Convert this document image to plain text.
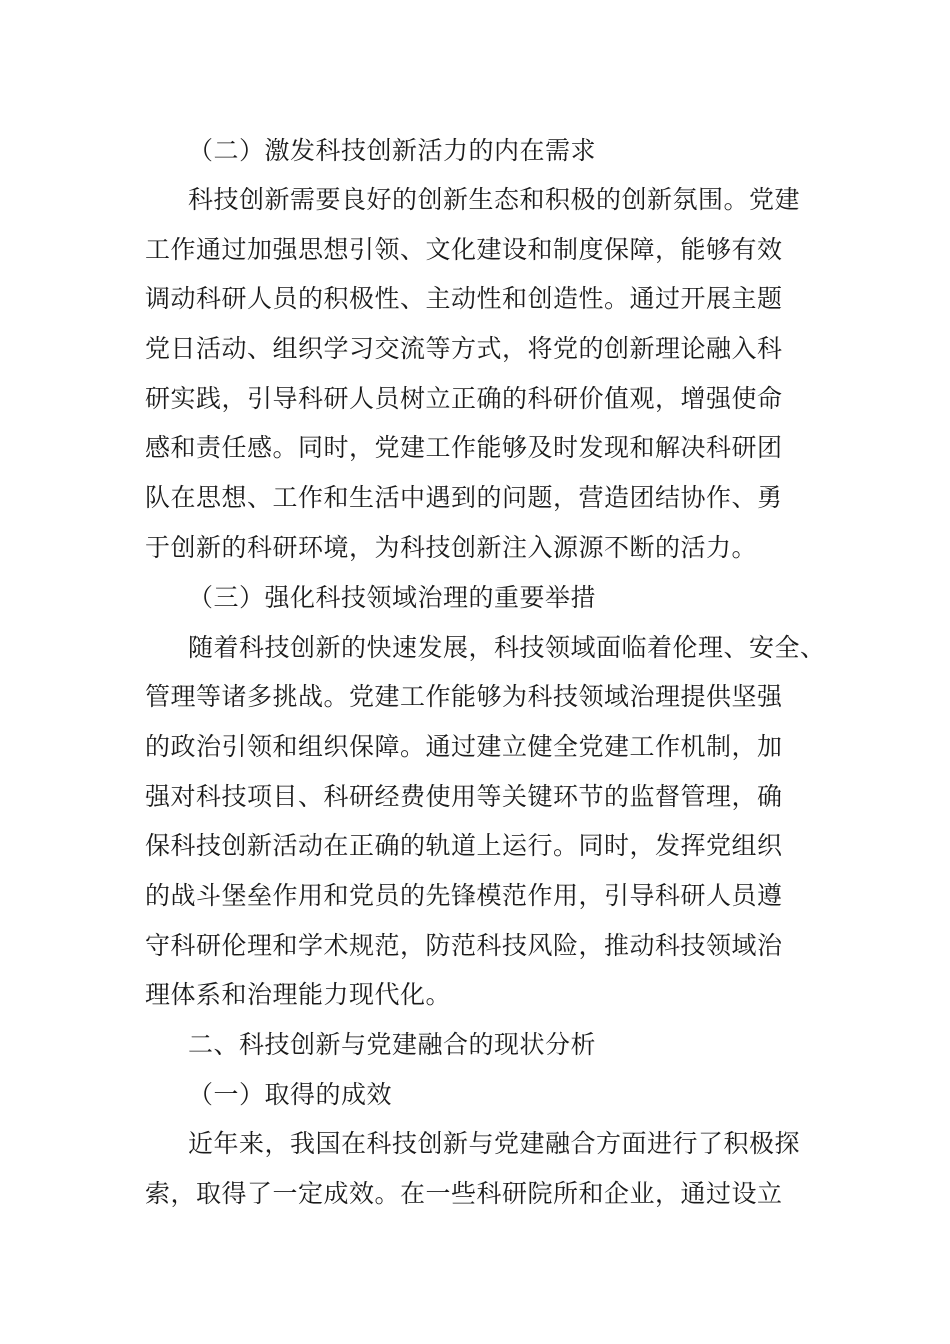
（二）激发科技创新活力的内在需求
科技创新需要良好的创新生态和积极的创新氛围。党建
工作通过加强思想引领、文化建设和制度保障，能够有效
调动科研人员的积极性、主动性和创造性。通过开展主题
党日活动、组织学习交流等方式，将党的创新理论融入科
研实践，引导科研人员树立正确的科研价值观，增强使命
感和责任感。同时，党建工作能够及时发现和解决科研团
队在思想、工作和生活中遇到的问题，营造团结协作、勇
于创新的科研环境，为科技创新注入源源不断的活力。
（三）强化科技领域治理的重要举措
随着科技创新的快速发展，科技领域面临着伦理、安全、
管理等诸多挑战。党建工作能够为科技领域治理提供坚强
的政治引领和组织保障。通过建立健全党建工作机制，加
强对科技项目、科研经费使用等关键环节的监督管理，确
保科技创新活动在正确的轨道上运行。同时，发挥党组织
的战斗堡垒作用和党员的先锋模范作用，引导科研人员遵
守科研伦理和学术规范，防范科技风险，推动科技领域治
理体系和治理能力现代化。
二、科技创新与党建融合的现状分析
（一）取得的成效
近年来，我国在科技创新与党建融合方面进行了积极探
索，取得了一定成效。在一些科研院所和企业，通过设立
